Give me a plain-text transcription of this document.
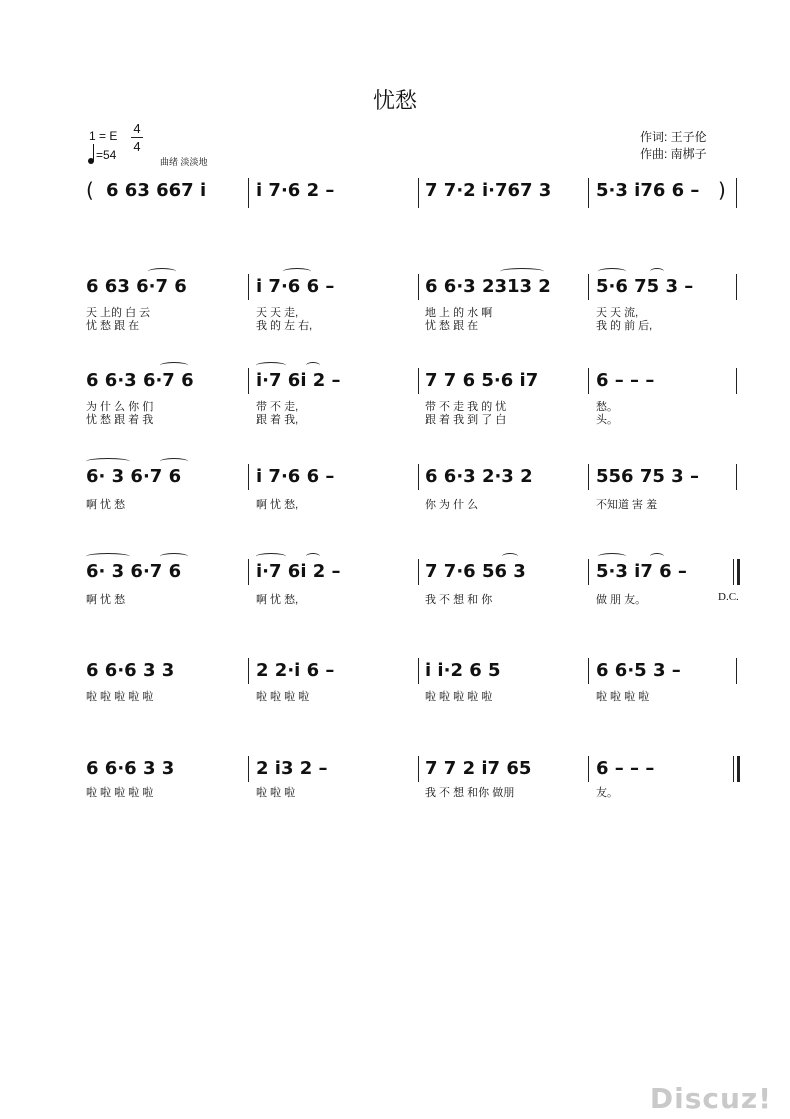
忧愁
1 = E 4
4
=54	曲绪 淡淡地
作词: 王子伦
作曲: 南梆子
( 6 63 667 i	i 7·6 2 –	7 7·2 i·767 3 5·3 i76 6 – )
6 63 6·7 6	i 7·6 6 –	6 6·3 2313 2	5·6 75 3 –
天 上的 白 云	天 天 走,	地 上 的 水 啊	天 天 流,
忧 愁 跟 在	我 的 左 右,	忧 愁 跟 在	我 的 前 后,
6 6·3 6·7 6	i·7 6i 2 –	7 7 6 5·6 i7	6 – – –
为 什 么 你 们	带 不 走,	带 不 走 我 的 忧	愁。
忧 愁 跟 着 我	跟 着 我,	跟 着 我 到 了 白	头。
6· 3 6·7 6	i 7·6 6 –	6 6·3 2·3 2	556 75 3 –
啊 忧 愁	啊 忧 愁,	你 为 什 么	不知道 害 羞
6· 3 6·7 6	i·7 6i 2 –	7 7·6 56 3	5·3 i7 6 –
啊 忧 愁	啊 忧 愁,	我 不 想 和 你	做 朋 友。	D.C.
6 6·6 3 3	2 2·i 6 –	i i·2 6 5	6 6·5 3 –
啦 啦 啦 啦 啦	啦 啦 啦 啦	啦 啦 啦 啦 啦	啦 啦 啦 啦
6 6·6 3 3	2 i3 2 –	7 7 2 i7 65	6 – – –
啦 啦 啦 啦 啦	啦 啦 啦	我 不 想 和你 做朋	友。
Discuz!
